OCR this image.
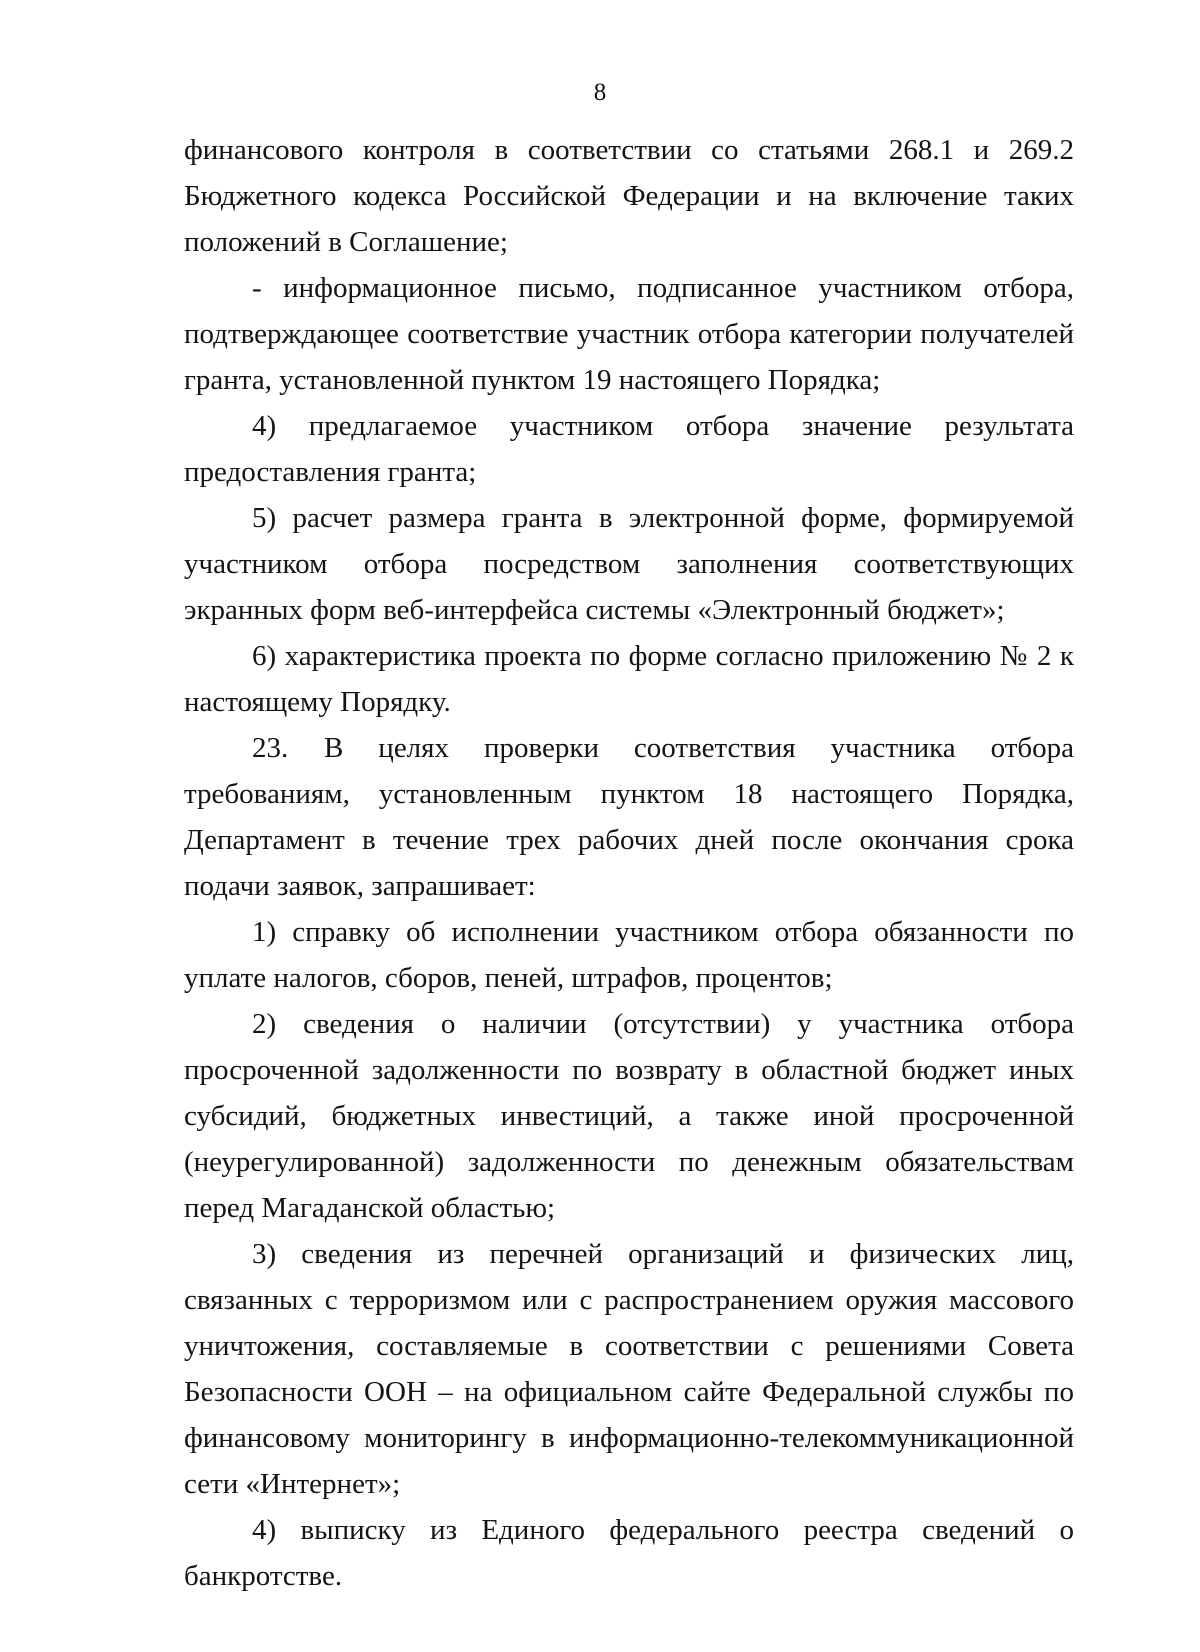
8

финансового контроля в соответствии со статьями 268.1 и 269.2 Бюджетного кодекса Российской Федерации и на включение таких положений в Соглашение;

- информационное письмо, подписанное участником отбора, подтверждающее соответствие участник отбора категории получателей гранта, установленной пунктом 19 настоящего Порядка;

4) предлагаемое участником отбора значение результата предоставления гранта;

5) расчет размера гранта в электронной форме, формируемой участником отбора посредством заполнения соответствующих экранных форм веб-интерфейса системы «Электронный бюджет»;

6) характеристика проекта по форме согласно приложению № 2 к настоящему Порядку.

23. В целях проверки соответствия участника отбора требованиям, установленным пунктом 18 настоящего Порядка, Департамент в течение трех рабочих дней после окончания срока подачи заявок, запрашивает:

1) справку об исполнении участником отбора обязанности по уплате налогов, сборов, пеней, штрафов, процентов;

2) сведения о наличии (отсутствии) у участника отбора просроченной задолженности по возврату в областной бюджет иных субсидий, бюджетных инвестиций, а также иной просроченной (неурегулированной) задолженности по денежным обязательствам перед Магаданской областью;

3) сведения из перечней организаций и физических лиц, связанных с терроризмом или с распространением оружия массового уничтожения, составляемые в соответствии с решениями Совета Безопасности ООН – на официальном сайте Федеральной службы по финансовому мониторингу в информационно-телекоммуникационной сети «Интернет»;

4) выписку из Единого федерального реестра сведений о банкротстве.
